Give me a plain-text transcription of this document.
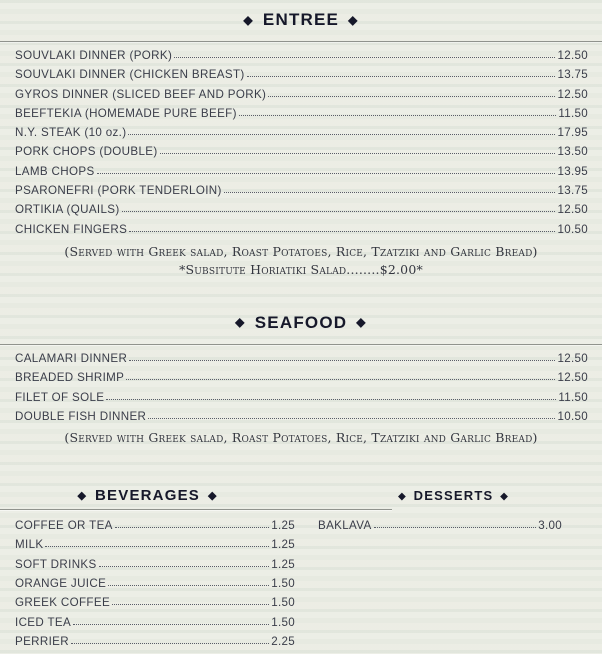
◆ ENTREE ◆
SOUVLAKI DINNER (PORK)	12.50
SOUVLAKI DINNER (CHICKEN BREAST)	13.75
GYROS DINNER (SLICED BEEF AND PORK)	12.50
BEEFTEKIA (HOMEMADE PURE BEEF)	11.50
N.Y. STEAK (10 oz.)	17.95
PORK CHOPS (DOUBLE)	13.50
LAMB CHOPS	13.95
PSARONEFRI (PORK TENDERLOIN)	13.75
ORTIKIA (QUAILS)	12.50
CHICKEN FINGERS	10.50
(Served with Greek salad, Roast Potatoes, Rice, Tzatziki and Garlic Bread)
*Subsitute Horiatiki Salad........$2.00*
◆ SEAFOOD ◆
CALAMARI DINNER	12.50
BREADED SHRIMP	12.50
FILET OF SOLE	11.50
DOUBLE FISH DINNER	10.50
(Served with Greek salad, Roast Potatoes, Rice, Tzatziki and Garlic Bread)
◆ BEVERAGES ◆	◆ DESSERTS ◆
COFFEE OR TEA	1.25
MILK	1.25
SOFT DRINKS	1.25
ORANGE JUICE	1.50
GREEK COFFEE	1.50
ICED TEA	1.50
PERRIER	2.25
BAKLAVA	3.00
